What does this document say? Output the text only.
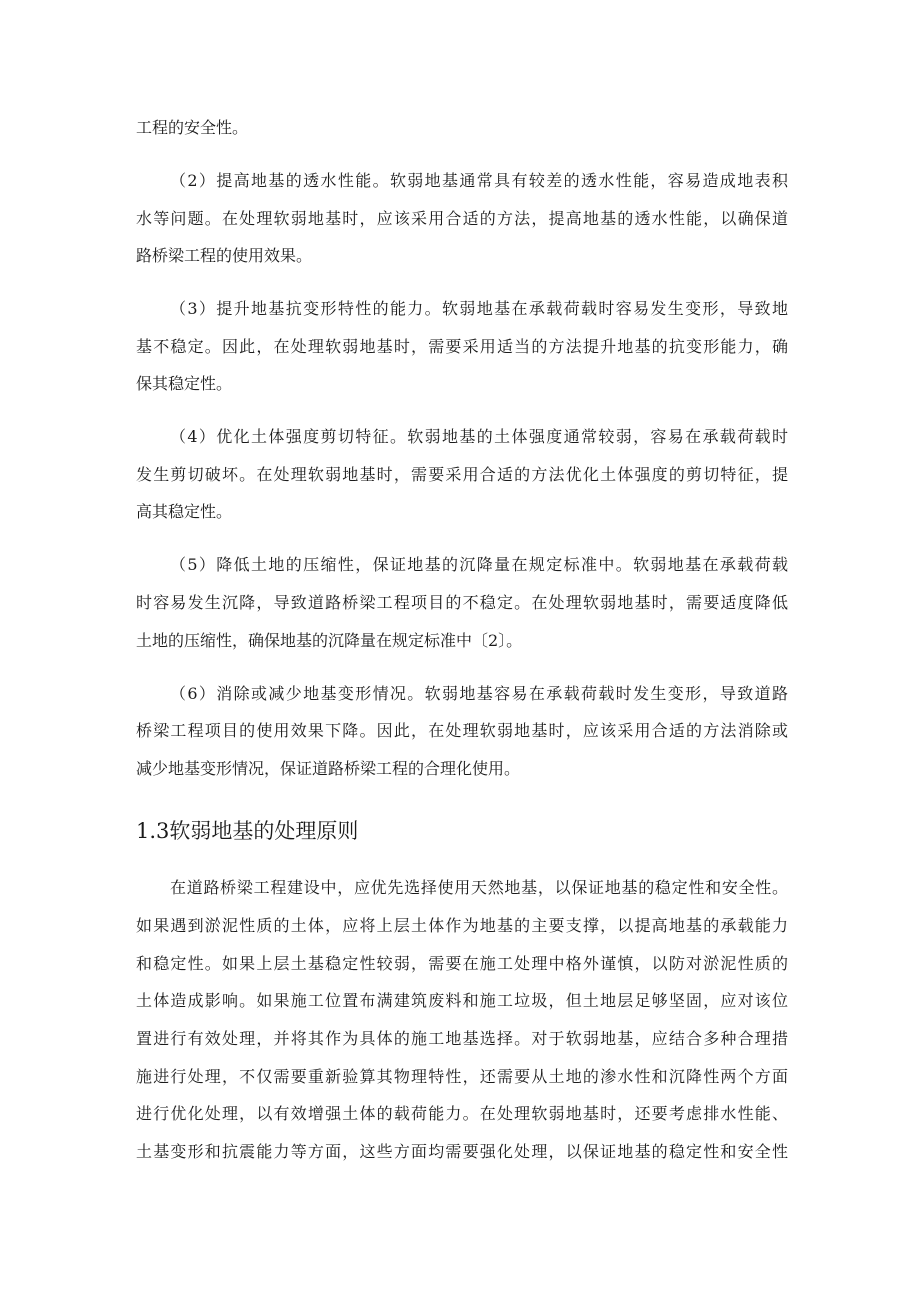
工程的安全性。
（2）提高地基的透水性能。软弱地基通常具有较差的透水性能，容易造成地表积
水等问题。在处理软弱地基时，应该采用合适的方法，提高地基的透水性能，以确保道
路桥梁工程的使用效果。
（3）提升地基抗变形特性的能力。软弱地基在承载荷载时容易发生变形，导致地
基不稳定。因此，在处理软弱地基时，需要采用适当的方法提升地基的抗变形能力，确
保其稳定性。
（4）优化土体强度剪切特征。软弱地基的土体强度通常较弱，容易在承载荷载时
发生剪切破坏。在处理软弱地基时，需要采用合适的方法优化土体强度的剪切特征，提
高其稳定性。
（5）降低土地的压缩性，保证地基的沉降量在规定标准中。软弱地基在承载荷载
时容易发生沉降，导致道路桥梁工程项目的不稳定。在处理软弱地基时，需要适度降低
土地的压缩性，确保地基的沉降量在规定标准中〔2〕。
（6）消除或减少地基变形情况。软弱地基容易在承载荷载时发生变形，导致道路
桥梁工程项目的使用效果下降。因此，在处理软弱地基时，应该采用合适的方法消除或
减少地基变形情况，保证道路桥梁工程的合理化使用。
1.3软弱地基的处理原则
在道路桥梁工程建设中，应优先选择使用天然地基，以保证地基的稳定性和安全性。
如果遇到淤泥性质的土体，应将上层土体作为地基的主要支撑，以提高地基的承载能力
和稳定性。如果上层土基稳定性较弱，需要在施工处理中格外谨慎，以防对淤泥性质的
土体造成影响。如果施工位置布满建筑废料和施工垃圾，但土地层足够坚固，应对该位
置进行有效处理，并将其作为具体的施工地基选择。对于软弱地基，应结合多种合理措
施进行处理，不仅需要重新验算其物理特性，还需要从土地的渗水性和沉降性两个方面
进行优化处理，以有效增强土体的载荷能力。在处理软弱地基时，还要考虑排水性能、
土基变形和抗震能力等方面，这些方面均需要强化处理，以保证地基的稳定性和安全性
